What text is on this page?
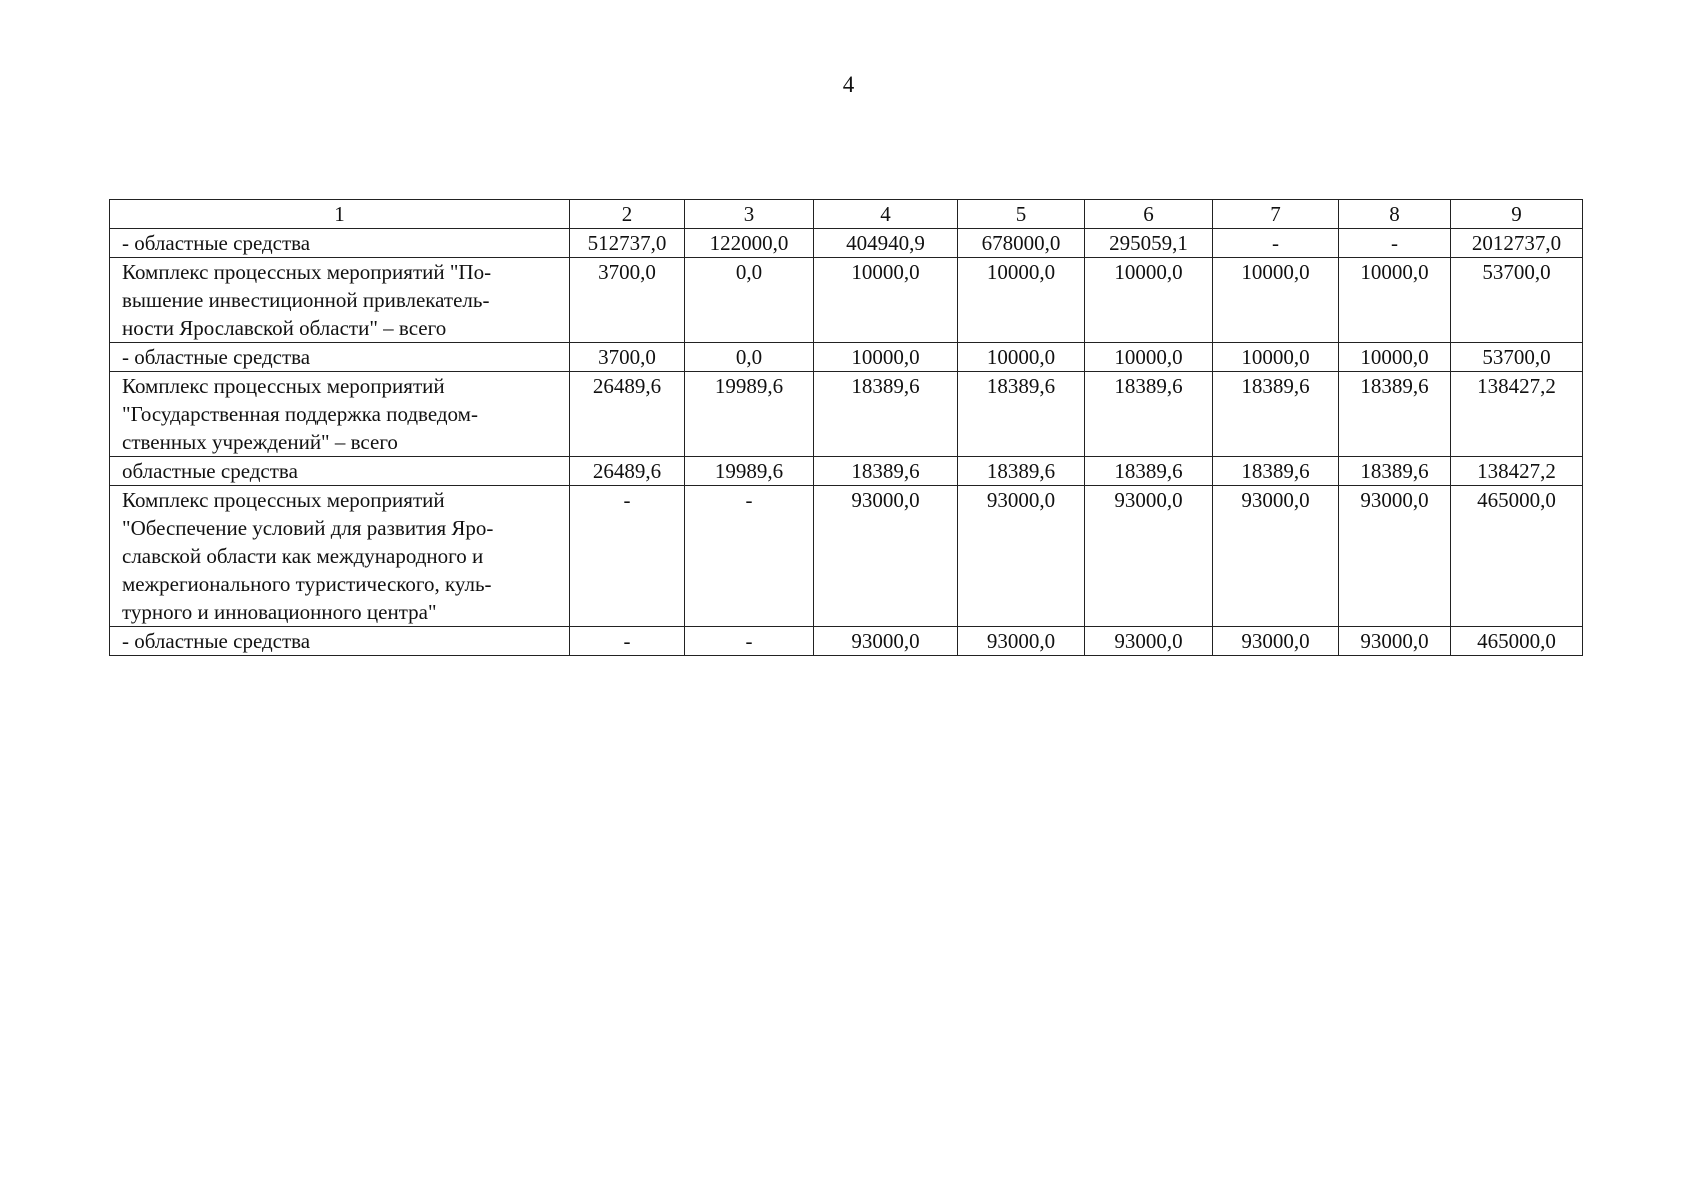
4
1	2	3	4	5	6	7	8	9
- областные средства	512737,0	122000,0	404940,9	678000,0	295059,1	-	-	2012737,0
Комплекс процессных мероприятий "По-
вышение инвестиционной привлекатель-
ности Ярославской области" – всего	3700,0	0,0	10000,0	10000,0	10000,0	10000,0	10000,0	53700,0
- областные средства	3700,0	0,0	10000,0	10000,0	10000,0	10000,0	10000,0	53700,0
Комплекс процессных мероприятий
"Государственная поддержка подведом-
ственных учреждений" – всего	26489,6	19989,6	18389,6	18389,6	18389,6	18389,6	18389,6	138427,2
областные средства	26489,6	19989,6	18389,6	18389,6	18389,6	18389,6	18389,6	138427,2
Комплекс процессных мероприятий
"Обеспечение условий для развития Яро-
славской области как международного и
межрегионального туристического, куль-
турного и инновационного центра"	-	-	93000,0	93000,0	93000,0	93000,0	93000,0	465000,0
- областные средства	-	-	93000,0	93000,0	93000,0	93000,0	93000,0	465000,0
